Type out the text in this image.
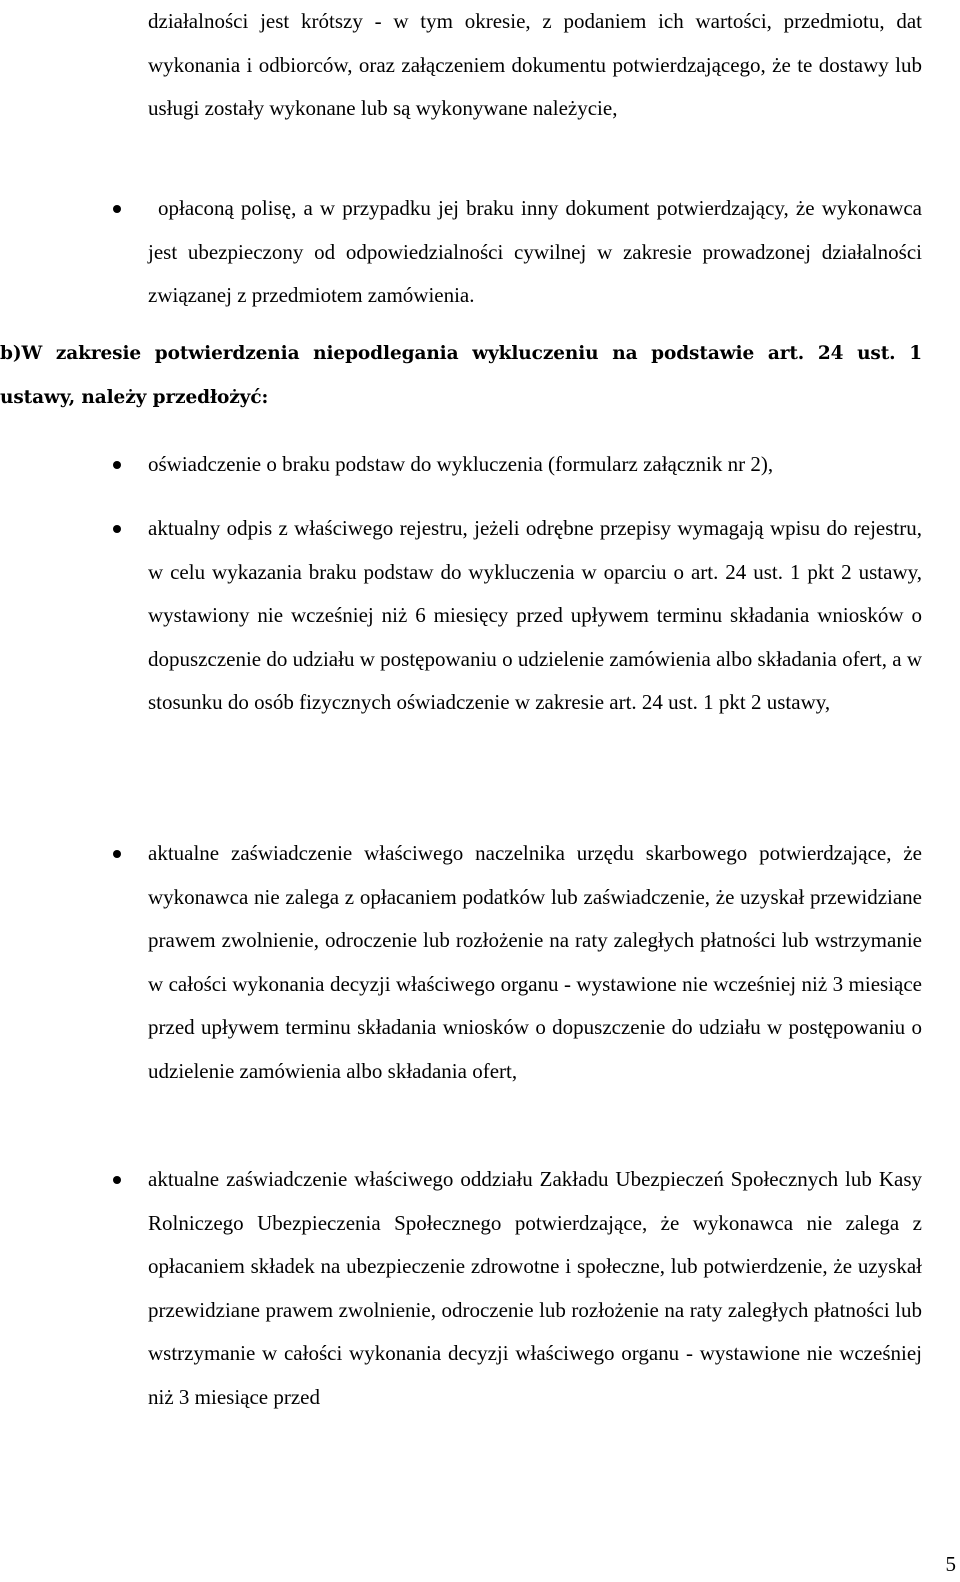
działalności jest krótszy - w tym okresie, z podaniem ich wartości, przedmiotu, dat wykonania i odbiorców, oraz załączeniem dokumentu potwierdzającego, że te dostawy lub usługi zostały wykonane lub są wykonywane należycie,
opłaconą polisę, a w przypadku jej braku inny dokument potwierdzający, że wykonawca jest ubezpieczony od odpowiedzialności cywilnej w zakresie prowadzonej działalności związanej z przedmiotem zamówienia.
b)W zakresie potwierdzenia niepodlegania wykluczeniu na podstawie art. 24 ust. 1 ustawy, należy przedłożyć:
oświadczenie o braku podstaw do wykluczenia (formularz załącznik nr 2),
aktualny odpis z właściwego rejestru, jeżeli odrębne przepisy wymagają wpisu do rejestru, w celu wykazania braku podstaw do wykluczenia w oparciu o art. 24 ust. 1 pkt 2 ustawy, wystawiony nie wcześniej niż 6 miesięcy przed upływem terminu składania wniosków o dopuszczenie do udziału w postępowaniu o udzielenie zamówienia albo składania ofert, a w stosunku do osób fizycznych oświadczenie w zakresie art. 24 ust. 1 pkt 2 ustawy,
aktualne zaświadczenie właściwego naczelnika urzędu skarbowego potwierdzające, że wykonawca nie zalega z opłacaniem podatków lub zaświadczenie, że uzyskał przewidziane prawem zwolnienie, odroczenie lub rozłożenie na raty zaległych płatności lub wstrzymanie w całości wykonania decyzji właściwego organu - wystawione nie wcześniej niż 3 miesiące przed upływem terminu składania wniosków o dopuszczenie do udziału w postępowaniu o udzielenie zamówienia albo składania ofert,
aktualne zaświadczenie właściwego oddziału Zakładu Ubezpieczeń Społecznych lub Kasy Rolniczego Ubezpieczenia Społecznego potwierdzające, że wykonawca nie zalega z opłacaniem składek na ubezpieczenie zdrowotne i społeczne, lub potwierdzenie, że uzyskał przewidziane prawem zwolnienie, odroczenie lub rozłożenie na raty zaległych płatności lub wstrzymanie w całości wykonania decyzji właściwego organu - wystawione nie wcześniej niż 3 miesiące przed
5
